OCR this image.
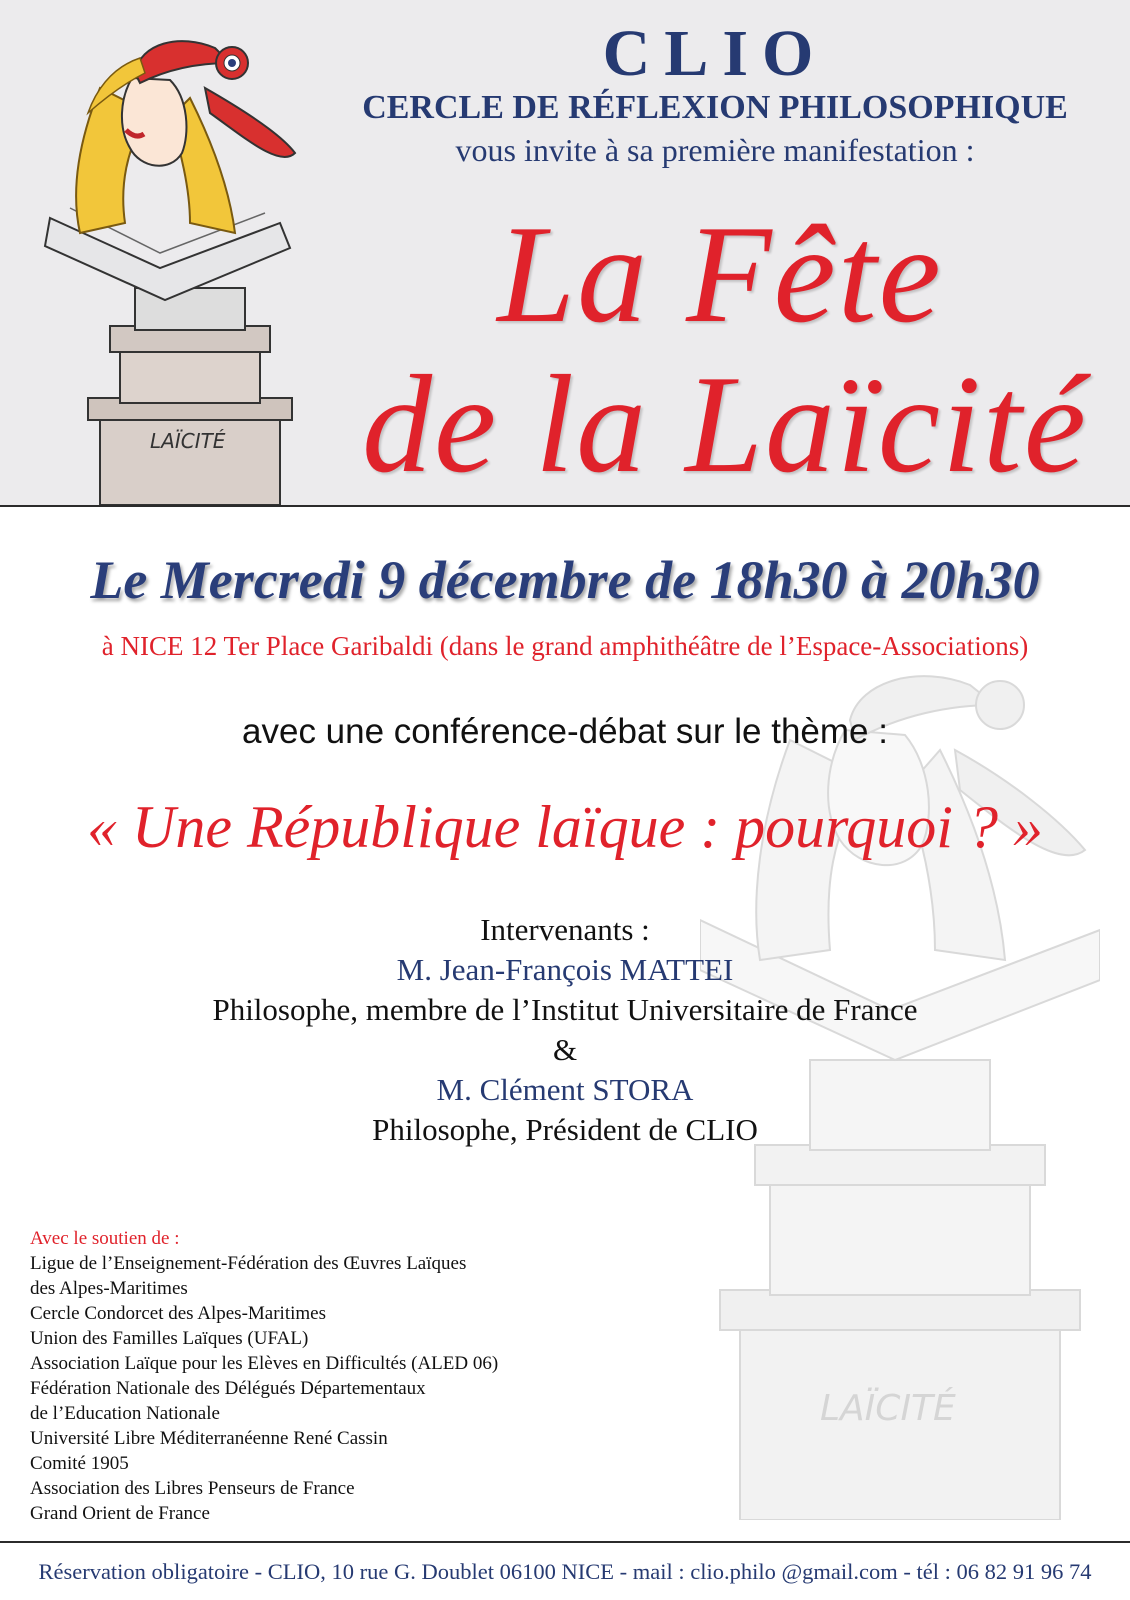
LAÏCITÉ
CLIO
CERCLE DE RÉFLEXION PHILOSOPHIQUE
vous invite à sa première manifestation :
La Fête
de la Laïcité
LAÏCITÉ
Le Mercredi 9 décembre de 18h30 à 20h30
à NICE 12 Ter Place Garibaldi (dans le grand amphithéâtre de l’Espace-Associations)
avec une conférence-débat sur le thème :
« Une République laïque : pourquoi ? »
Intervenants :
M. Jean-François MATTEI
Philosophe, membre de l’Institut Universitaire de France
&
M. Clément STORA
Philosophe, Président de CLIO
Avec le soutien de :
Ligue de l’Enseignement-Fédération des Œuvres Laïques
des Alpes-Maritimes
Cercle Condorcet des Alpes-Maritimes
Union des Familles Laïques (UFAL)
Association Laïque pour les Elèves en Difficultés (ALED 06)
Fédération Nationale des Délégués Départementaux
de l’Education Nationale
Université Libre Méditerranéenne René Cassin
Comité 1905
Association des Libres Penseurs de France
Grand Orient de France
Réservation obligatoire - CLIO, 10 rue G. Doublet 06100 NICE - mail : clio.philo @gmail.com - tél : 06 82 91 96 74
